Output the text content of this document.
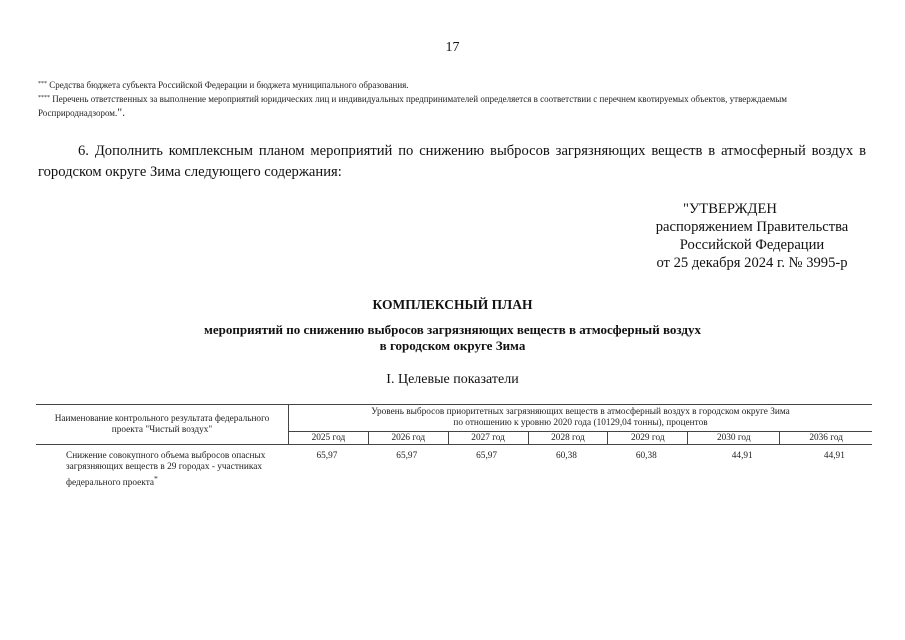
17
*** Средства бюджета субъекта Российской Федерации и бюджета муниципального образования.
**** Перечень ответственных за выполнение мероприятий юридических лиц и индивидуальных предпринимателей определяется в соответствии с перечнем квотируемых объектов, утверждаемым Росприроднадзором.".
6. Дополнить комплексным планом мероприятий по снижению выбросов загрязняющих веществ в атмосферный воздух в городском округе Зима следующего содержания:
"УТВЕРЖДЕН
распоряжением Правительства
Российской Федерации
от 25 декабря 2024 г. № 3995-р
КОМПЛЕКСНЫЙ ПЛАН
мероприятий по снижению выбросов загрязняющих веществ в атмосферный воздух
в городском округе Зима
I. Целевые показатели
Наименование контрольного результата федерального проекта "Чистый воздух"	Уровень выбросов приоритетных загрязняющих веществ в атмосферный воздух в городском округе Зима
по отношению к уровню 2020 года (10129,04 тонны), процентов						

	2025 год	2026 год	2027 год	2028 год	2029 год	2030 год	2036 год
Снижение совокупного объема выбросов опасных загрязняющих веществ в 29 городах - участниках федерального проекта*	65,97	65,97	65,97	60,38	60,38	44,91	44,91
